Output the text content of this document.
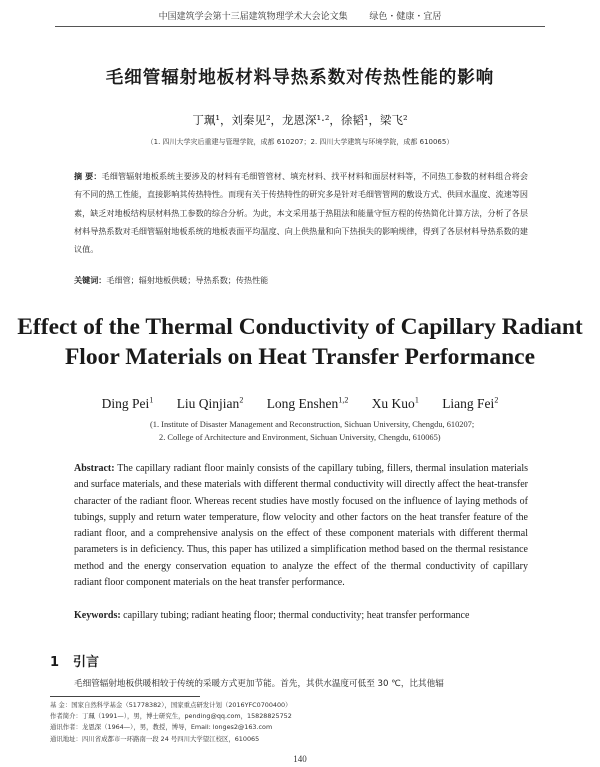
中国建筑学会第十三届建筑物理学术大会论文集 绿色・健康・宜居
毛细管辐射地板材料导热系数对传热性能的影响
丁珮¹，刘秦见²，龙恩深¹·²，徐韬¹，梁飞²
（1. 四川大学灾后重建与管理学院，成都 610207；2. 四川大学建筑与环境学院，成都 610065）
摘 要：毛细管辐射地板系统主要涉及的材料有毛细管管材、填充材料、找平材料和面层材料等，不同热工参数的材料组合将会有不同的热工性能，直接影响其传热特性。而现有关于传热特性的研究多是针对毛细管管网的敷设方式、供回水温度、流速等因素，缺乏对地板结构层材料热工参数的综合分析。为此，本文采用基于热阻法和能量守恒方程的传热简化计算方法，分析了各层材料导热系数对毛细管辐射地板系统的地板表面平均温度、向上供热量和向下热损失的影响规律，得到了各层材料导热系数的建议值。
关键词：毛细管；辐射地板供暖；导热系数；传热性能
Effect of the Thermal Conductivity of Capillary Radiant
Floor Materials on Heat Transfer Performance
Ding Pei$^1$ Liu Qinjian$^2$ Long Enshen$^{1,2}$ Xu Kuo$^1$ Liang Fei$^2$
(1. Institute of Disaster Management and Reconstruction, Sichuan University, Chengdu, 610207;
2. College of Architecture and Environment, Sichuan University, Chengdu, 610065)
Abstract: The capillary radiant floor mainly consists of the capillary tubing, fillers, thermal insulation materials and surface materials, and these materials with different thermal conductivity will directly affect the heat-transfer character of the radiant floor. Whereas recent studies have mostly focused on the influence of laying methods of tubings, supply and return water temperature, flow velocity and other factors on the heat transfer feature of the radiant floor, and a comprehensive analysis on the effect of these component materials with different thermal parameters is in deficiency. Thus, this paper has utilized a simplification method based on the thermal resistance method and the energy conservation equation to analyze the effect of the thermal conductivity of capillary radiant floor component materials on the heat transfer performance.
Keywords: capillary tubing; radiant heating floor; thermal conductivity; heat transfer performance
1 引言
毛细管辐射地板供暖相较于传统的采暖方式更加节能。首先，其供水温度可低至 30 ℃，比其他辐
基 金：国家自然科学基金（51778382），国家重点研发计划（2016YFC0700400）
作者简介：丁珮（1991—），男，博士研究生，pending@qq.com，15828825752
通讯作者：龙恩深（1964—），男，教授，博导，Email: longes2@163.com
通讯地址：四川省成都市一环路南一段 24 号四川大学望江校区，610065
140
